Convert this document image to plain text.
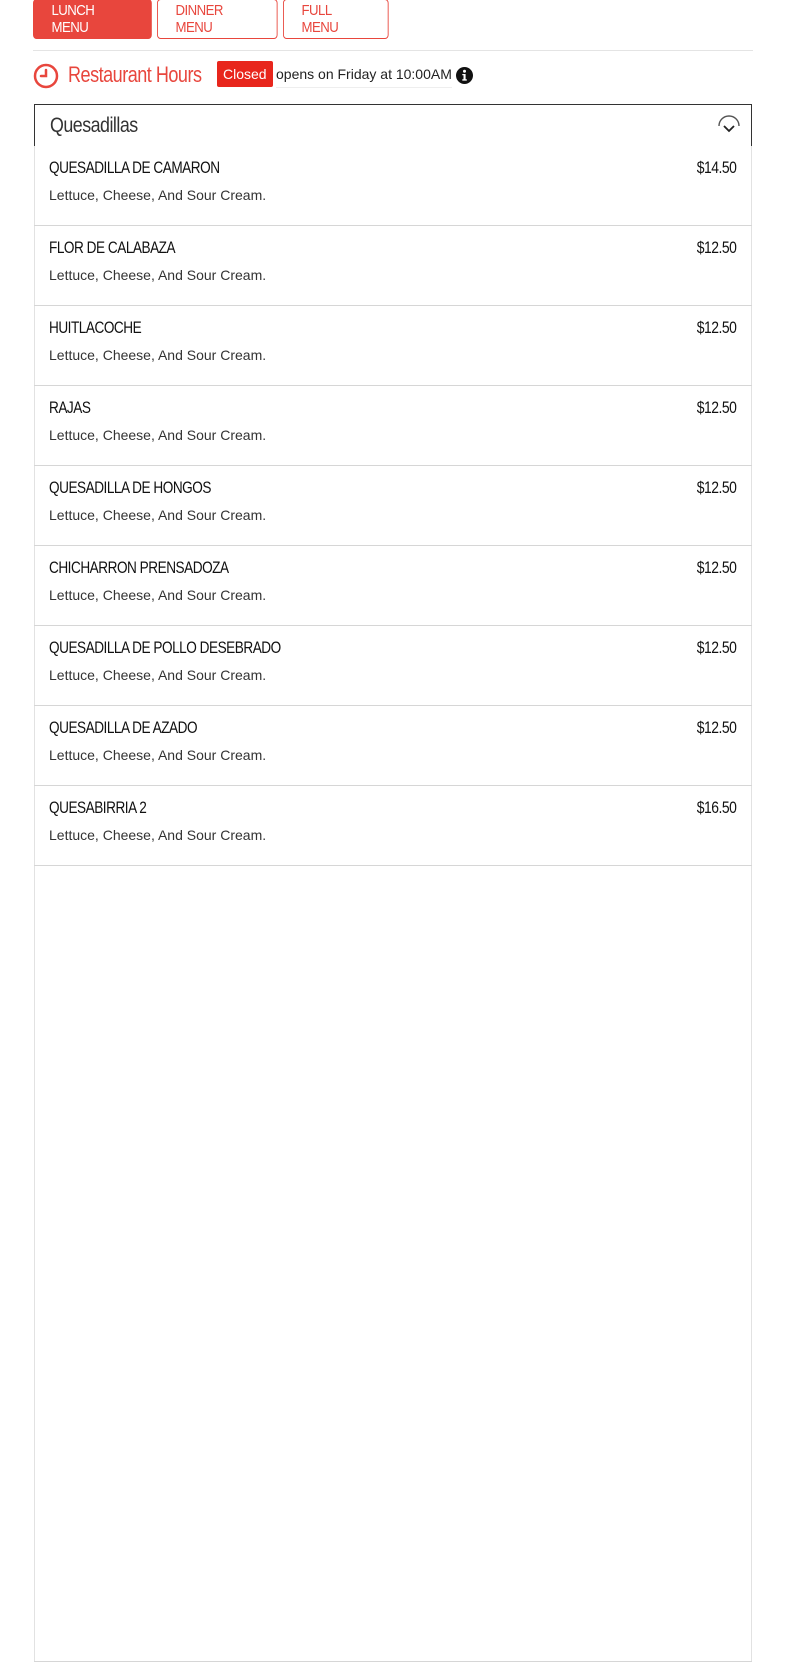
LUNCH MENU
DINNER MENU
FULL MENU
Restaurant Hours	Closed opens on Friday at 10:00AM
Quesadillas
QUESADILLA DE CAMARON	$14.50
Lettuce, Cheese, And Sour Cream.
FLOR DE CALABAZA	$12.50
Lettuce, Cheese, And Sour Cream.
HUITLACOCHE	$12.50
Lettuce, Cheese, And Sour Cream.
RAJAS	$12.50
Lettuce, Cheese, And Sour Cream.
QUESADILLA DE HONGOS	$12.50
Lettuce, Cheese, And Sour Cream.
CHICHARRON PRENSADOZA	$12.50
Lettuce, Cheese, And Sour Cream.
QUESADILLA DE POLLO DESEBRADO	$12.50
Lettuce, Cheese, And Sour Cream.
QUESADILLA DE AZADO	$12.50
Lettuce, Cheese, And Sour Cream.
QUESABIRRIA 2	$16.50
Lettuce, Cheese, And Sour Cream.
